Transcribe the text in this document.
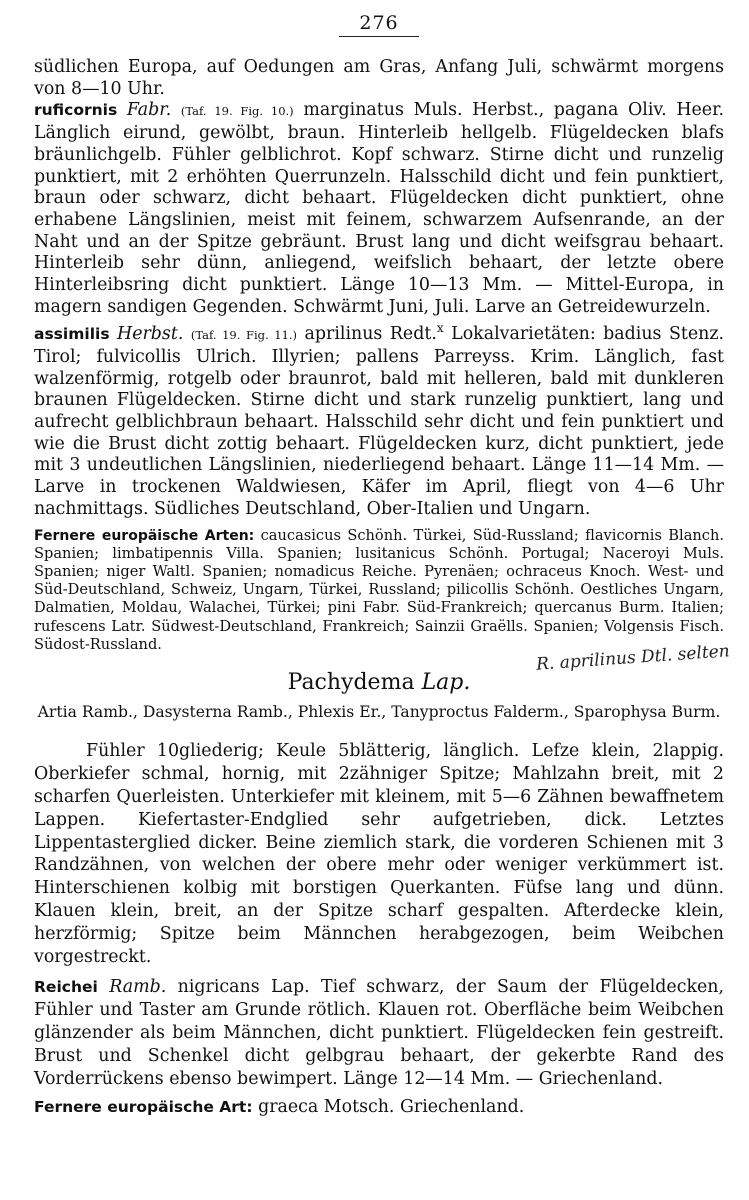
276

südlichen Europa, auf Oedungen am Gras, Anfang Juli, schwärmt morgens von 8—10 Uhr.

ruficornis Fabr. (Taf. 19. Fig. 10.) marginatus Muls. Herbst., pagana Oliv. Heer. Länglich eirund, gewölbt, braun. Hinterleib hellgelb. Flügeldecken blafs bräunlichgelb. Fühler gelblichrot. Kopf schwarz. Stirne dicht und runzelig punktiert, mit 2 erhöhten Querrunzeln. Halsschild dicht und fein punktiert, braun oder schwarz, dicht behaart. Flügeldecken dicht punktiert, ohne erhabene Längslinien, meist mit feinem, schwarzem Aufsenrande, an der Naht und an der Spitze gebräunt. Brust lang und dicht weifsgrau behaart. Hinterleib sehr dünn, anliegend, weifslich behaart, der letzte obere Hinterleibsring dicht punktiert. Länge 10—13 Mm. — Mittel-Europa, in magern sandigen Gegenden. Schwärmt Juni, Juli. Larve an Getreidewurzeln.

assimilis Herbst. (Taf. 19. Fig. 11.) aprilinus Redt.$^x$ Lokalvarietäten: badius Stenz. Tirol; fulvicollis Ulrich. Illyrien; pallens Parreyss. Krim. Länglich, fast walzenförmig, rotgelb oder braunrot, bald mit helleren, bald mit dunkleren braunen Flügeldecken. Stirne dicht und stark runzelig punktiert, lang und aufrecht gelblichbraun behaart. Halsschild sehr dicht und fein punktiert und wie die Brust dicht zottig behaart. Flügeldecken kurz, dicht punktiert, jede mit 3 undeutlichen Längslinien, niederliegend behaart. Länge 11—14 Mm. — Larve in trockenen Waldwiesen, Käfer im April, fliegt von 4—6 Uhr nachmittags. Südliches Deutschland, Ober-Italien und Ungarn.

Fernere europäische Arten: caucasicus Schönh. Türkei, Süd-Russland; flavicornis Blanch. Spanien; limbatipennis Villa. Spanien; lusitanicus Schönh. Portugal; Naceroyi Muls. Spanien; niger Waltl. Spanien; nomadicus Reiche. Pyrenäen; ochraceus Knoch. West- und Süd-Deutschland, Schweiz, Ungarn, Türkei, Russland; pilicollis Schönh. Oestliches Ungarn, Dalmatien, Moldau, Walachei, Türkei; pini Fabr. Süd-Frankreich; quercanus Burm. Italien; rufescens Latr. Südwest-Deutschland, Frankreich; Sainzii Graëlls. Spanien; Volgensis Fisch. Südost-Russland.	R. aprilinus Dtl. selten
Pachydema Lap.

Artia Ramb., Dasysterna Ramb., Phlexis Er., Tanyproctus Falderm., Sparophysa Burm.

Fühler 10gliederig; Keule 5blätterig, länglich. Lefze klein, 2lappig. Oberkiefer schmal, hornig, mit 2zähniger Spitze; Mahlzahn breit, mit 2 scharfen Querleisten. Unterkiefer mit kleinem, mit 5—6 Zähnen bewaffnetem Lappen. Kiefertaster-Endglied sehr aufgetrieben, dick. Letztes Lippentasterglied dicker. Beine ziemlich stark, die vorderen Schienen mit 3 Randzähnen, von welchen der obere mehr oder weniger verkümmert ist. Hinterschienen kolbig mit borstigen Querkanten. Füfse lang und dünn. Klauen klein, breit, an der Spitze scharf gespalten. Afterdecke klein, herzförmig; Spitze beim Männchen herabgezogen, beim Weibchen vorgestreckt.

Reichei Ramb. nigricans Lap. Tief schwarz, der Saum der Flügeldecken, Fühler und Taster am Grunde rötlich. Klauen rot. Oberfläche beim Weibchen glänzender als beim Männchen, dicht punktiert. Flügeldecken fein gestreift. Brust und Schenkel dicht gelbgrau behaart, der gekerbte Rand des Vorderrückens ebenso bewimpert. Länge 12—14 Mm. — Griechenland.

Fernere europäische Art: graeca Motsch. Griechenland.
